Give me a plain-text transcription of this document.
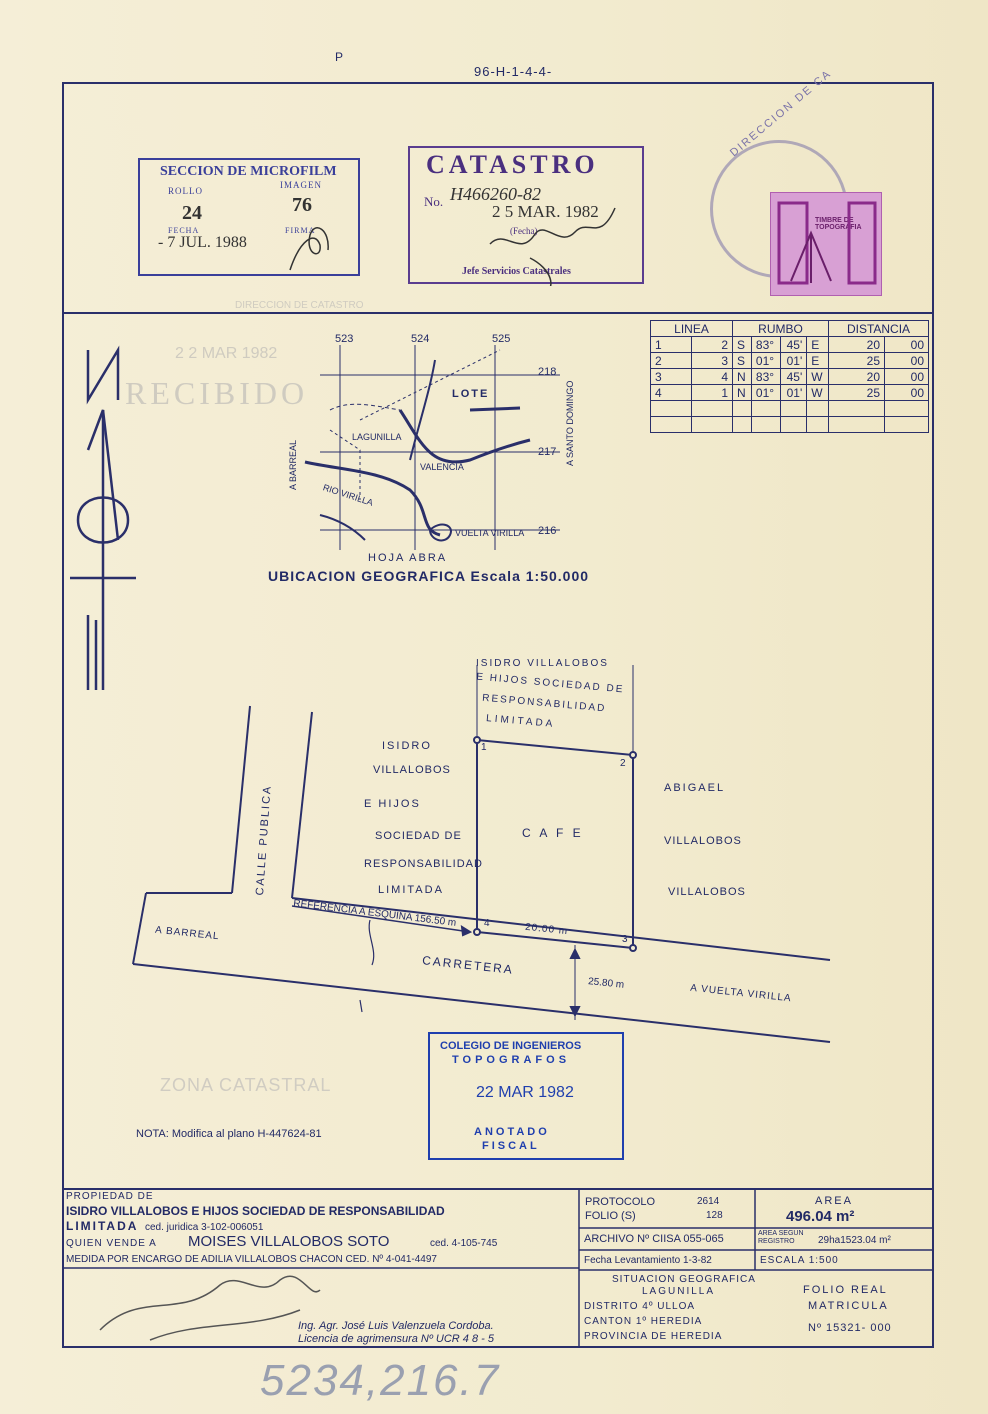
96-H-1-4-4-
P
RECIBIDO
2 2 MAR 1982
DIRECCION DE CATASTRO
ZONA CATASTRAL
SECCION DE MICROFILM
ROLLO
IMAGEN
24	76
FECHA	FIRMA
- 7 JUL. 1988
CATASTRO
No. H466260-82
2 5 MAR. 1982
(Fecha)
Jefe Servicios Catastrales
DIRECCION DE CA
TIMBRE DE TOPOGRAFIA
LINEA		RUMBO				DISTANCIA	
1	2	S	83°	45'	E	20	00
2	3	S	01°	01'	E	25	00
3	4	N	83°	45'	W	20	00
4	1	N	01°	01'	W	25	00

523	524	525
218
217
216
LOTE
LAGUNILLA
VALENCIA
RIO VIRILLA
VUELTA VIRILLA
A BARREAL	A SANTO DOMINGO
HOJA ABRA
UBICACION GEOGRAFICA Escala 1:50.000
ISIDRO VILLALOBOS
E HIJOS SOCIEDAD DE
RESPONSABILIDAD
LIMITADA
ISIDRO
VILLALOBOS
E HIJOS
SOCIEDAD DE
RESPONSABILIDAD
LIMITADA
ABIGAEL
VILLALOBOS
VILLALOBOS
C A F E
CALLE PUBLICA
REFERENCIA A ESQUINA 156.50 m
20.00 m
CARRETERA
25.80 m
A BARREAL
A VUELTA VIRILLA
1
2
3
4
COLEGIO DE INGENIEROS
TOPOGRAFOS
22 MAR 1982
ANOTADO
FISCAL
NOTA: Modifica al plano H-447624-81
PROPIEDAD DE
ISIDRO VILLALOBOS E HIJOS SOCIEDAD DE RESPONSABILIDAD
LIMITADA ced. juridica 3-102-006051
QUIEN VENDE A MOISES VILLALOBOS SOTO	ced. 4-105-745
MEDIDA POR ENCARGO DE ADILIA VILLALOBOS CHACON CED. Nº 4-041-4497
PROTOCOLO	2614
FOLIO (S)	128
AREA
496.04 m²
ARCHIVO Nº CIISA 055-065	AREA SEGUN REGISTRO	29ha1523.04 m²
Fecha Levantamiento 1-3-82	ESCALA 1:500
SITUACION GEOGRAFICA
LAGUNILLA
DISTRITO 4º ULLOA
CANTON 1º HEREDIA
PROVINCIA DE HEREDIA
FOLIO REAL
MATRICULA
Nº 15321- 000
Ing. Agr. José Luis Valenzuela Cordoba.
Licencia de agrimensura Nº UCR 4 8 - 5
5234,216.7
